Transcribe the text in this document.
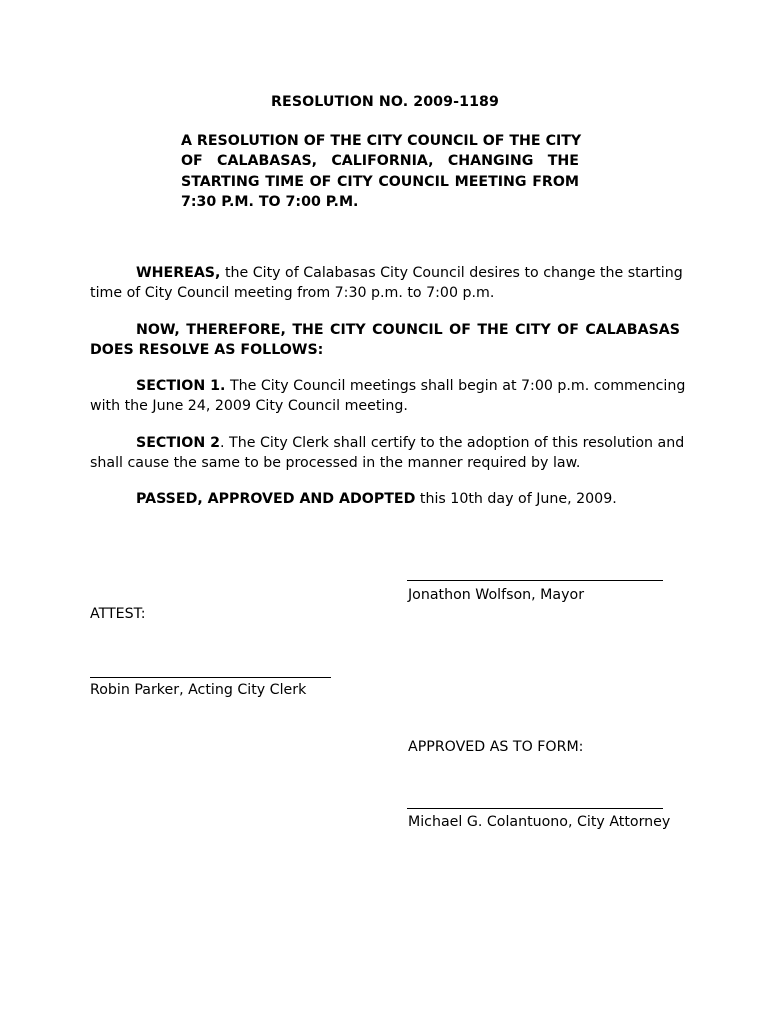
RESOLUTION NO. 2009-1189
A RESOLUTION OF THE CITY COUNCIL OF THE CITY
OF CALABASAS, CALIFORNIA, CHANGING THE
STARTING TIME OF CITY COUNCIL MEETING FROM
7:30 P.M. TO 7:00 P.M.
WHEREAS, the City of Calabasas City Council desires to change the starting
time of City Council meeting from 7:30 p.m. to 7:00 p.m.
NOW, THEREFORE, THE CITY COUNCIL OF THE CITY OF CALABASAS
DOES RESOLVE AS FOLLOWS:
SECTION 1. The City Council meetings shall begin at 7:00 p.m. commencing
with the June 24, 2009 City Council meeting.
SECTION 2. The City Clerk shall certify to the adoption of this resolution and
shall cause the same to be processed in the manner required by law.
PASSED, APPROVED AND ADOPTED this 10th day of June, 2009.
Jonathon Wolfson, Mayor
ATTEST:
Robin Parker, Acting City Clerk
APPROVED AS TO FORM:
Michael G. Colantuono, City Attorney
